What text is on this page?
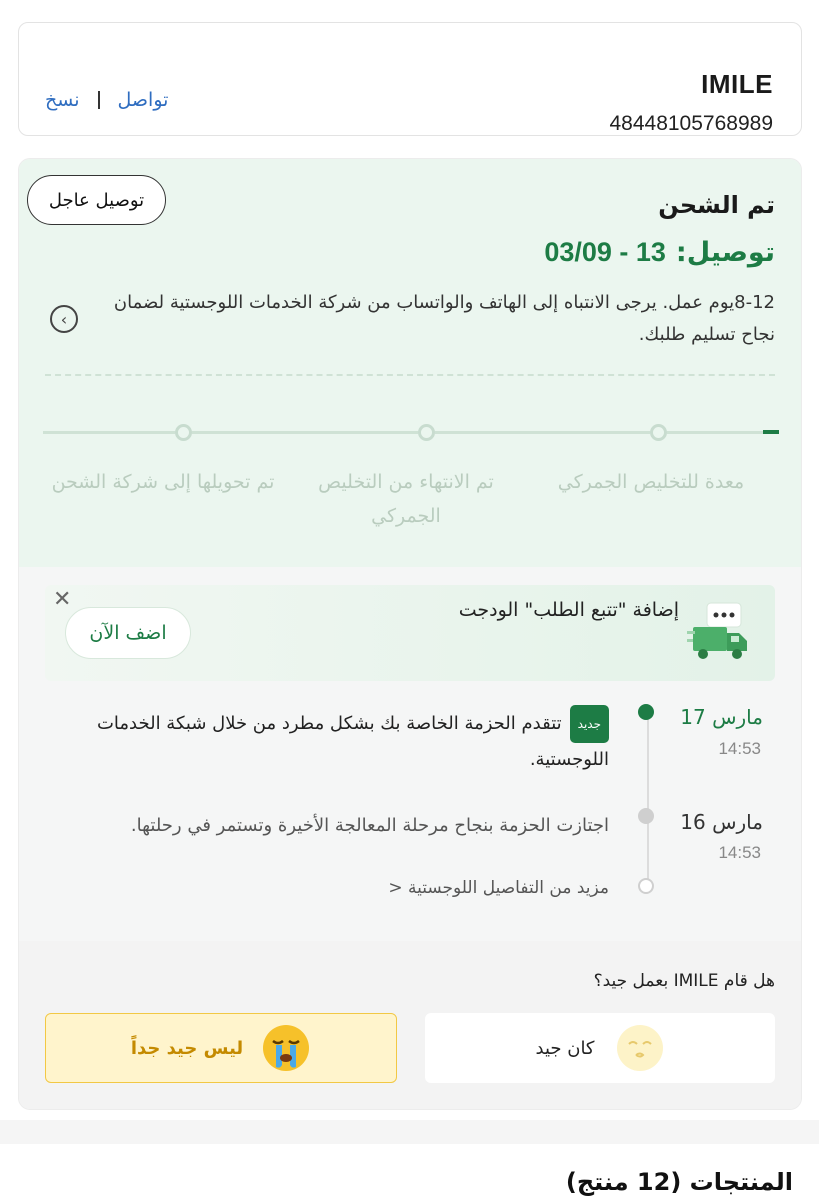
IMILE
48448105768989
نسخ تواصل
تم الشحن
توصيل عاجل
توصيل:
03/09 - 13
8-12يوم عمل. يرجى الانتباه إلى الهاتف والواتساب من شركة الخدمات اللوجستية لضمان نجاح تسليم طلبك.
›
معدة للتخليص الجمركي
تم الانتهاء من التخليص الجمركي
تم تحويلها إلى شركة الشحن
✕	إضافة "تتبع الطلب" الودجت
اضف الآن
مارس 17
14:53
جديدتتقدم الحزمة الخاصة بك بشكل مطرد من خلال شبكة الخدمات اللوجستية.
مارس 16
14:53
اجتازت الحزمة بنجاح مرحلة المعالجة الأخيرة وتستمر في رحلتها.
مزيد من التفاصيل اللوجستية <
هل قام IMILE بعمل جيد؟
كان جيد
ليس جيد جداً
المنتجات (12 منتج)
